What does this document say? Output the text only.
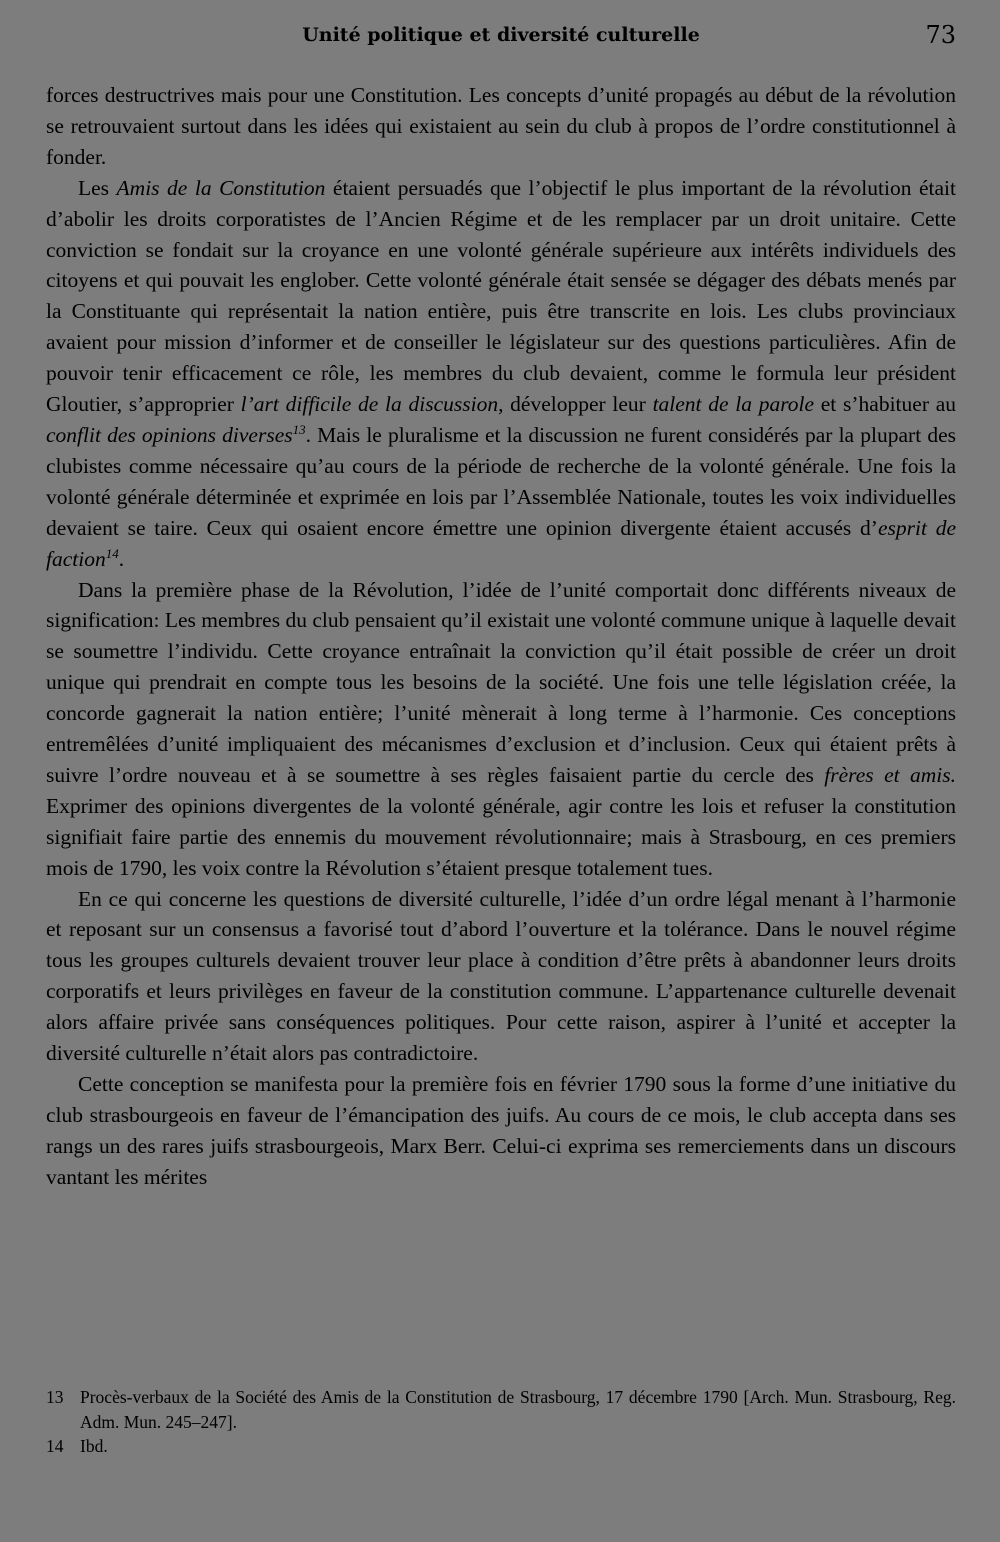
Unité politique et diversité culturelle	73

forces destructrives mais pour une Constitution. Les concepts d’unité propagés au début de la révolution se retrouvaient surtout dans les idées qui existaient au sein du club à propos de l’ordre constitutionnel à fonder.

Les Amis de la Constitution étaient persuadés que l’objectif le plus important de la révolution était d’abolir les droits corporatistes de l’Ancien Régime et de les remplacer par un droit unitaire. Cette conviction se fondait sur la croyance en une volonté générale supérieure aux intérêts individuels des citoyens et qui pouvait les englober. Cette volonté générale était sensée se dégager des débats menés par la Constituante qui représentait la nation entière, puis être transcrite en lois. Les clubs provinciaux avaient pour mission d’informer et de conseiller le législateur sur des questions particulières. Afin de pouvoir tenir efficacement ce rôle, les membres du club devaient, comme le formula leur président Gloutier, s’approprier l’art difficile de la discussion, développer leur talent de la parole et s’habituer au conflit des opinions diverses$^{13}$. Mais le pluralisme et la discussion ne furent considérés par la plupart des clubistes comme nécessaire qu’au cours de la période de recherche de la volonté générale. Une fois la volonté générale déterminée et exprimée en lois par l’Assemblée Nationale, toutes les voix individuelles devaient se taire. Ceux qui osaient encore émettre une opinion divergente étaient accusés d’esprit de faction$^{14}$.

Dans la première phase de la Révolution, l’idée de l’unité comportait donc différents niveaux de signification: Les membres du club pensaient qu’il existait une volonté commune unique à laquelle devait se soumettre l’individu. Cette croyance entraînait la conviction qu’il était possible de créer un droit unique qui prendrait en compte tous les besoins de la société. Une fois une telle législation créée, la concorde gagnerait la nation entière; l’unité mènerait à long terme à l’harmonie. Ces conceptions entremêlées d’unité impliquaient des mécanismes d’exclusion et d’inclusion. Ceux qui étaient prêts à suivre l’ordre nouveau et à se soumettre à ses règles faisaient partie du cercle des frères et amis. Exprimer des opinions divergentes de la volonté générale, agir contre les lois et refuser la constitution signifiait faire partie des ennemis du mouvement révolutionnaire; mais à Strasbourg, en ces premiers mois de 1790, les voix contre la Révolution s’étaient presque totalement tues.

En ce qui concerne les questions de diversité culturelle, l’idée d’un ordre légal menant à l’harmonie et reposant sur un consensus a favorisé tout d’abord l’ouverture et la tolérance. Dans le nouvel régime tous les groupes culturels devaient trouver leur place à condition d’être prêts à abandonner leurs droits corporatifs et leurs privilèges en faveur de la constitution commune. L’appartenance culturelle devenait alors affaire privée sans conséquences politiques. Pour cette raison, aspirer à l’unité et accepter la diversité culturelle n’était alors pas contradictoire.

Cette conception se manifesta pour la première fois en février 1790 sous la forme d’une initiative du club strasbourgeois en faveur de l’émancipation des juifs. Au cours de ce mois, le club accepta dans ses rangs un des rares juifs strasbourgeois, Marx Berr. Celui-ci exprima ses remerciements dans un discours vantant les mérites

13 Procès-verbaux de la Société des Amis de la Constitution de Strasbourg, 17 décembre 1790 [Arch. Mun. Strasbourg, Reg. Adm. Mun. 245–247].
14 Ibd.
